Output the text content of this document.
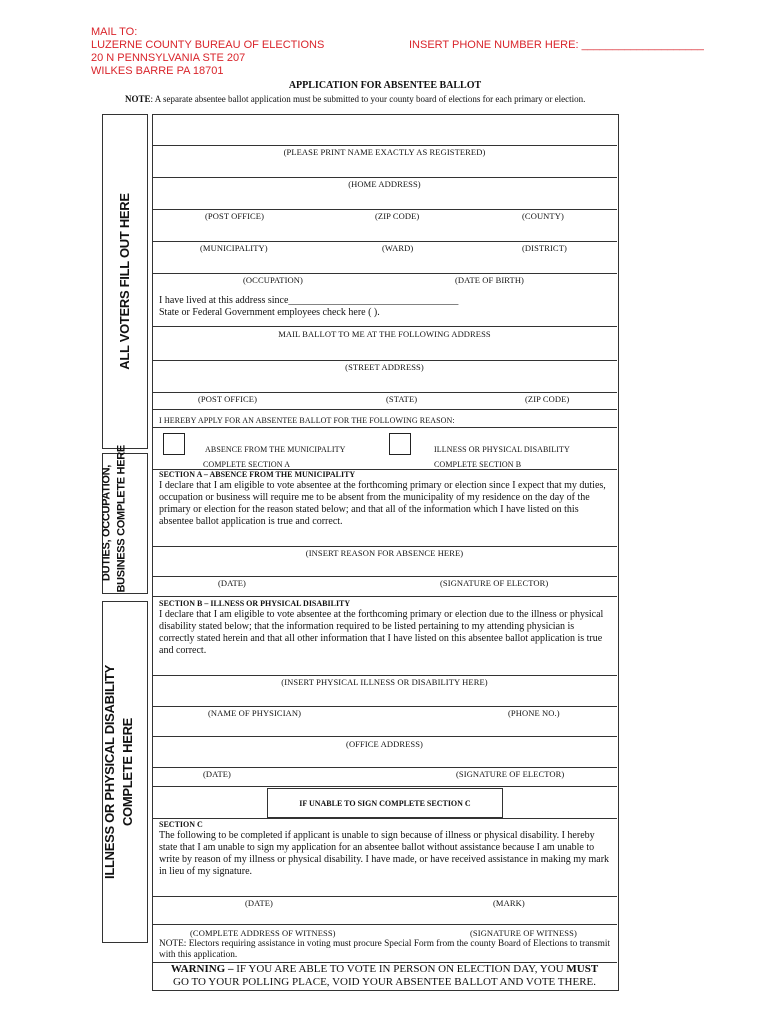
MAIL TO:
LUZERNE COUNTY BUREAU OF ELECTIONS
20 N PENNSYLVANIA STE 207
WILKES BARRE PA 18701
INSERT PHONE NUMBER HERE: ____________________
APPLICATION FOR ABSENTEE BALLOT
NOTE: A separate absentee ballot application must be submitted to your county board of elections for each primary or election.
ALL VOTERS FILL OUT HERE
DUTIES, OCCUPATION, BUSINESS COMPLETE HERE
ILLNESS OR PHYSICAL DISABILITY COMPLETE HERE
(PLEASE PRINT NAME EXACTLY AS REGISTERED)
(HOME ADDRESS)
(POST OFFICE)	(ZIP CODE)	(COUNTY)
(MUNICIPALITY)	(WARD)	(DISTRICT)
(OCCUPATION)	(DATE OF BIRTH)
I have lived at this address since__________________________________
State or Federal Government employees check here ( ).
MAIL BALLOT TO ME AT THE FOLLOWING ADDRESS
(STREET ADDRESS)
(POST OFFICE)	(STATE)	(ZIP CODE)
I HEREBY APPLY FOR AN ABSENTEE BALLOT FOR THE FOLLOWING REASON:
ABSENCE FROM THE MUNICIPALITY
COMPLETE SECTION A
ILLNESS OR PHYSICAL DISABILITY
COMPLETE SECTION B
SECTION A – ABSENCE FROM THE MUNICIPALITY
I declare that I am eligible to vote absentee at the forthcoming primary or election since I expect that my duties, occupation or business will require me to be absent from the municipality of my residence on the day of the primary or election for the reason stated below; and that all of the information which I have listed on this absentee ballot application is true and correct.
(INSERT REASON FOR ABSENCE HERE)
(DATE)	(SIGNATURE OF ELECTOR)
SECTION B – ILLNESS OR PHYSICAL DISABILITY
I declare that I am eligible to vote absentee at the forthcoming primary or election due to the illness or physical disability stated below; that the information required to be listed pertaining to my attending physician is correctly stated herein and that all other information that I have listed on this absentee ballot application is true and correct.
(INSERT PHYSICAL ILLNESS OR DISABILITY HERE)
(NAME OF PHYSICIAN)	(PHONE NO.)
(OFFICE ADDRESS)
(DATE)	(SIGNATURE OF ELECTOR)
IF UNABLE TO SIGN COMPLETE SECTION C
SECTION C
The following to be completed if applicant is unable to sign because of illness or physical disability. I hereby state that I am unable to sign my application for an absentee ballot without assistance because I am unable to write by reason of my illness or physical disability. I have made, or have received assistance in making my mark in lieu of my signature.
(DATE)	(MARK)
(COMPLETE ADDRESS OF WITNESS)	(SIGNATURE OF WITNESS)
NOTE: Electors requiring assistance in voting must procure Special Form from the county Board of Elections to transmit with this application.
WARNING – IF YOU ARE ABLE TO VOTE IN PERSON ON ELECTION DAY, YOU MUST
GO TO YOUR POLLING PLACE, VOID YOUR ABSENTEE BALLOT AND VOTE THERE.
